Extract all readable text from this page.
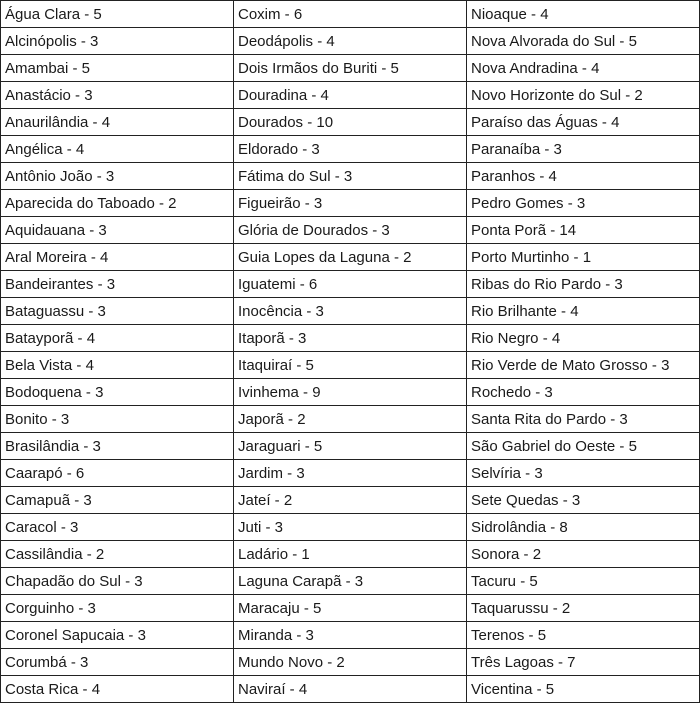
Água Clara - 5	Coxim - 6	Nioaque - 4
Alcinópolis - 3	Deodápolis - 4	Nova Alvorada do Sul - 5
Amambai - 5	Dois Irmãos do Buriti - 5	Nova Andradina - 4
Anastácio - 3	Douradina - 4	Novo Horizonte do Sul - 2
Anaurilândia - 4	Dourados - 10	Paraíso das Águas - 4
Angélica - 4	Eldorado - 3	Paranaíba - 3
Antônio João - 3	Fátima do Sul - 3	Paranhos - 4
Aparecida do Taboado - 2	Figueirão - 3	Pedro Gomes - 3
Aquidauana - 3	Glória de Dourados - 3	Ponta Porã - 14
Aral Moreira - 4	Guia Lopes da Laguna - 2	Porto Murtinho - 1
Bandeirantes - 3	Iguatemi - 6	Ribas do Rio Pardo - 3
Bataguassu - 3	Inocência - 3	Rio Brilhante - 4
Batayporã - 4	Itaporã - 3	Rio Negro - 4
Bela Vista - 4	Itaquiraí - 5	Rio Verde de Mato Grosso - 3
Bodoquena - 3	Ivinhema - 9	Rochedo - 3
Bonito - 3	Japorã - 2	Santa Rita do Pardo - 3
Brasilândia - 3	Jaraguari - 5	São Gabriel do Oeste - 5
Caarapó - 6	Jardim - 3	Selvíria - 3
Camapuã - 3	Jateí - 2	Sete Quedas - 3
Caracol - 3	Juti - 3	Sidrolândia - 8
Cassilândia - 2	Ladário - 1	Sonora - 2
Chapadão do Sul - 3	Laguna Carapã - 3	Tacuru - 5
Corguinho - 3	Maracaju - 5	Taquarussu - 2
Coronel Sapucaia - 3	Miranda - 3	Terenos - 5
Corumbá - 3	Mundo Novo - 2	Três Lagoas - 7
Costa Rica - 4	Naviraí - 4	Vicentina - 5
